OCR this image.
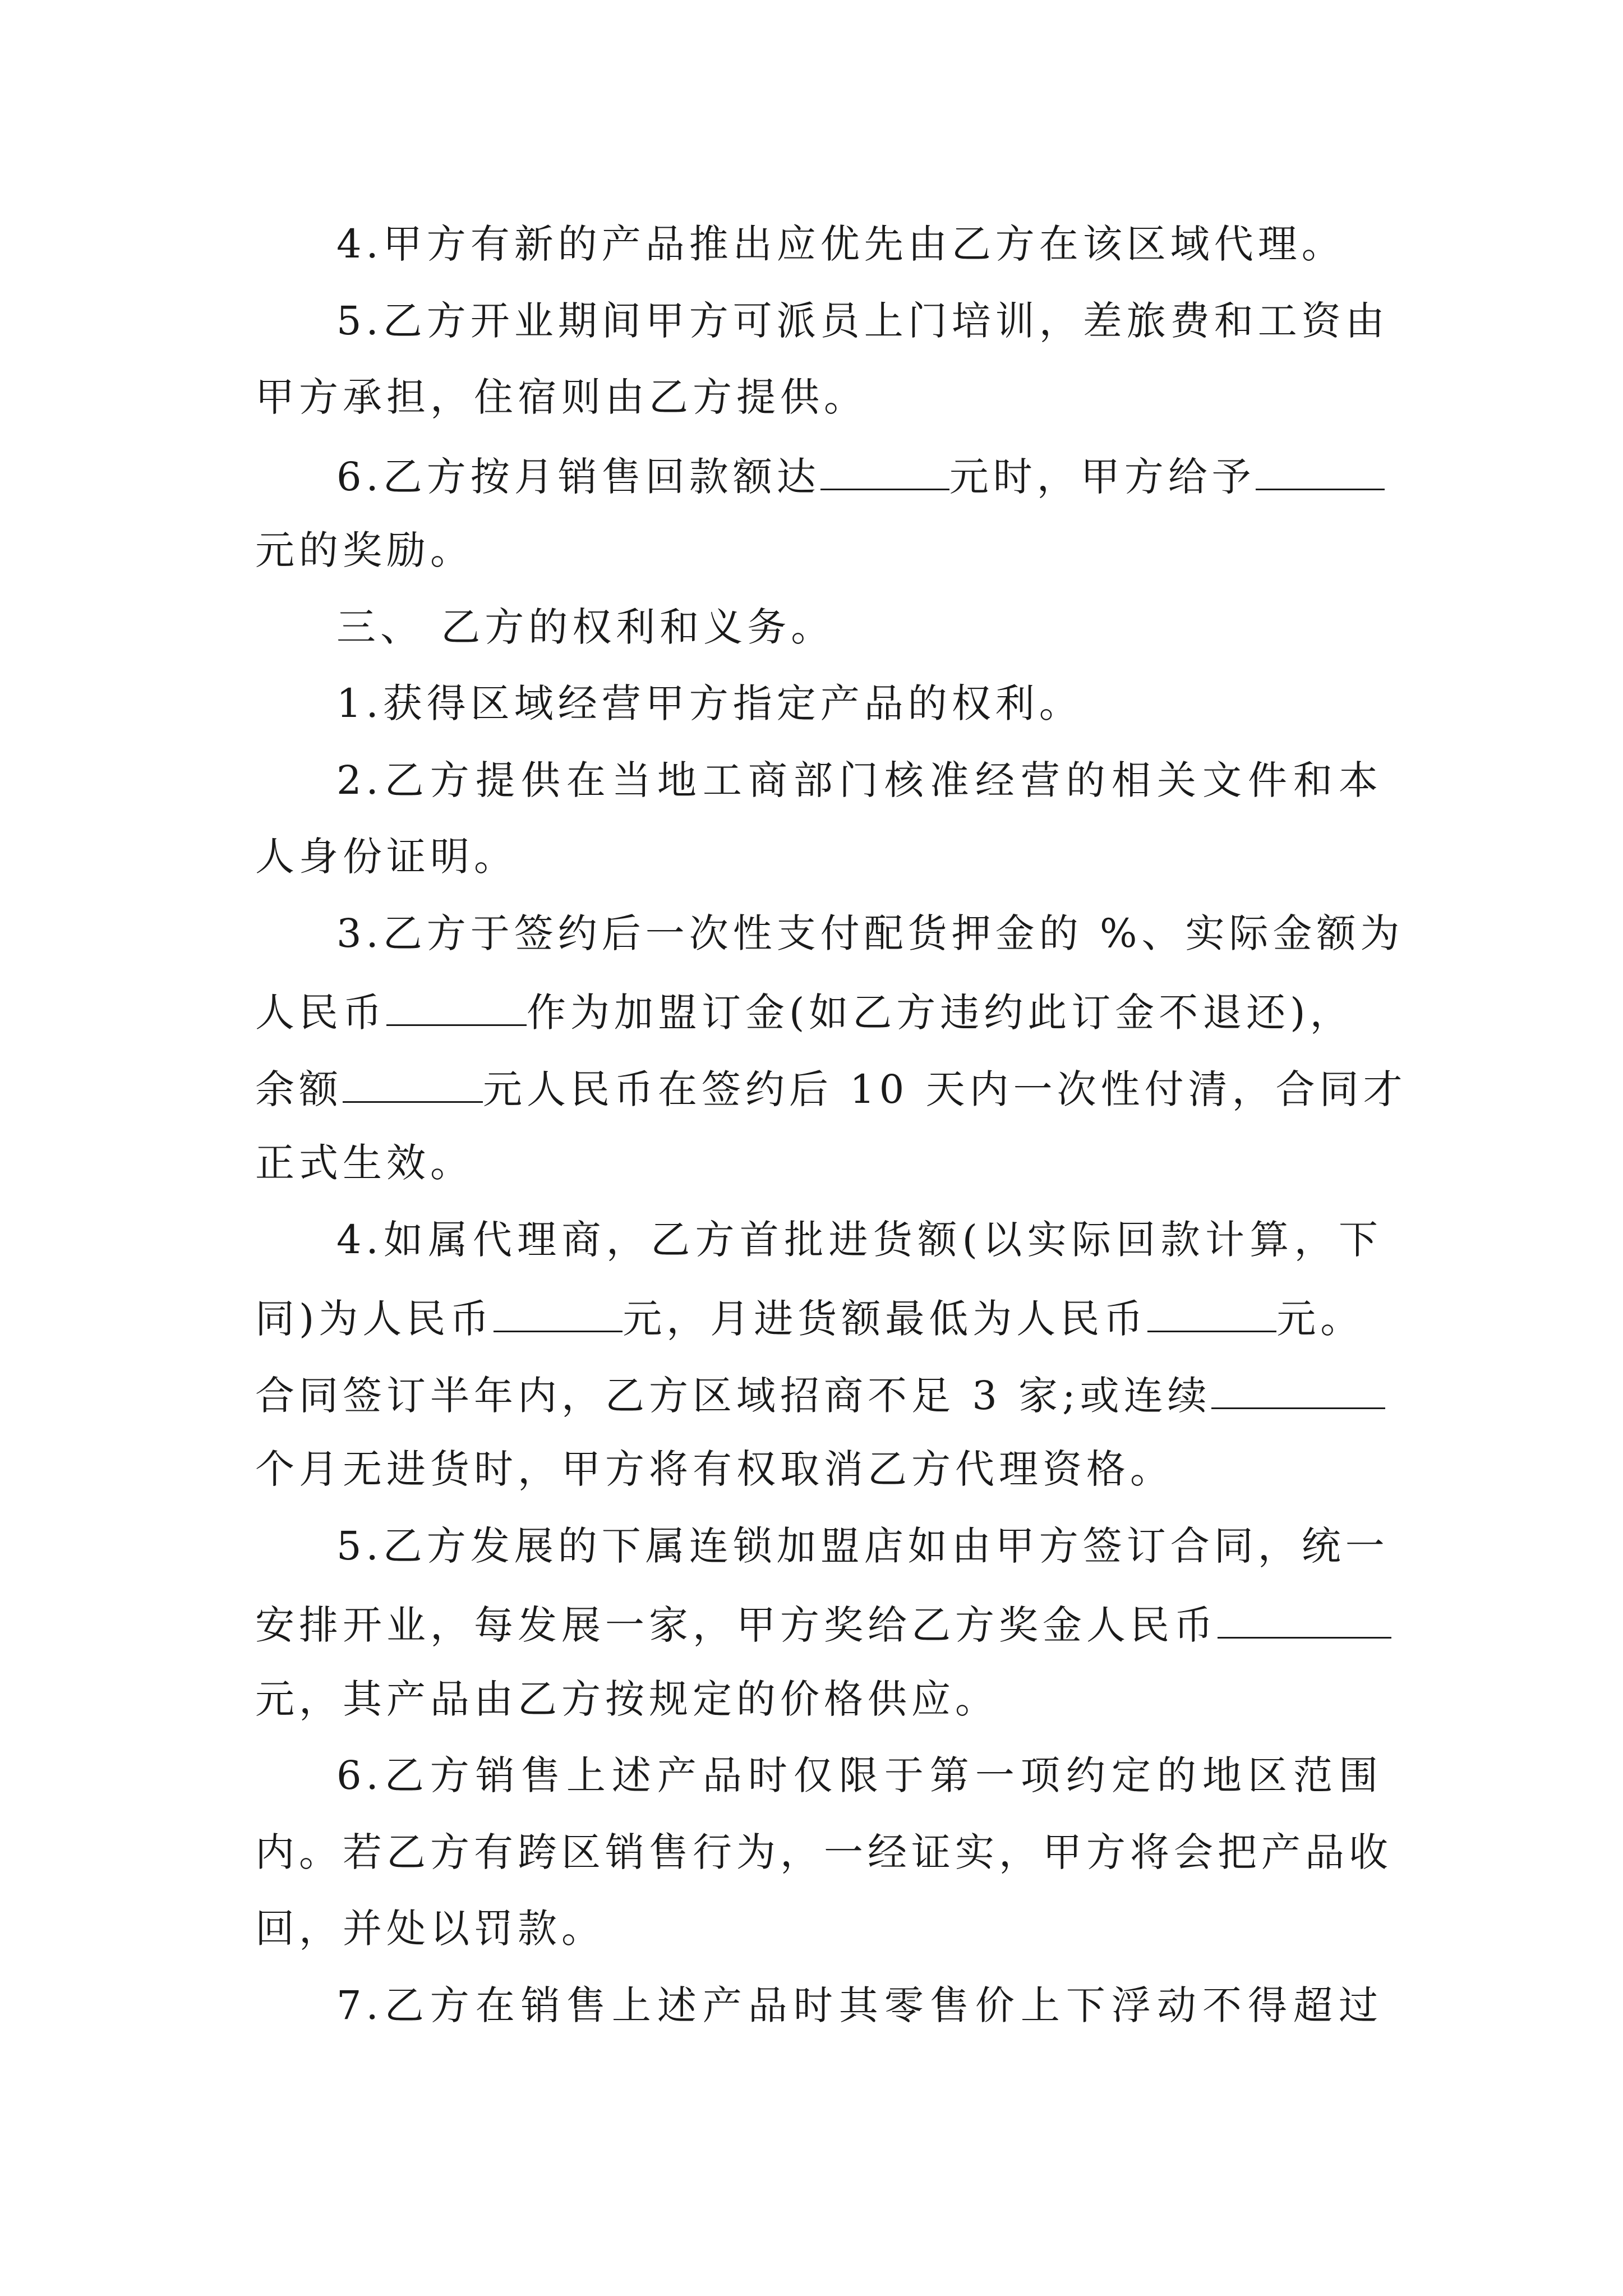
4.甲方有新的产品推出应优先由乙方在该区域代理。
5.乙方开业期间甲方可派员上门培训，差旅费和工资由
甲方承担，住宿则由乙方提供。
6.乙方按月销售回款额达	元时，甲方给予
元的奖励。
三、 乙方的权利和义务。
1.获得区域经营甲方指定产品的权利。
2.乙方提供在当地工商部门核准经营的相关文件和本
人身份证明。
3.乙方于签约后一次性支付配货押金的 %、实际金额为
人民币	作为加盟订金(如乙方违约此订金不退还)，
余额	元人民币在签约后 10 天内一次性付清，合同才
正式生效。
4.如属代理商，乙方首批进货额(以实际回款计算，下
同)为人民币	元，月进货额最低为人民币	元。
合同签订半年内，乙方区域招商不足 3 家;或连续
个月无进货时，甲方将有权取消乙方代理资格。
5.乙方发展的下属连锁加盟店如由甲方签订合同，统一
安排开业，每发展一家，甲方奖给乙方奖金人民币
元，其产品由乙方按规定的价格供应。
6.乙方销售上述产品时仅限于第一项约定的地区范围
内。若乙方有跨区销售行为，一经证实，甲方将会把产品收
回，并处以罚款。
7.乙方在销售上述产品时其零售价上下浮动不得超过
